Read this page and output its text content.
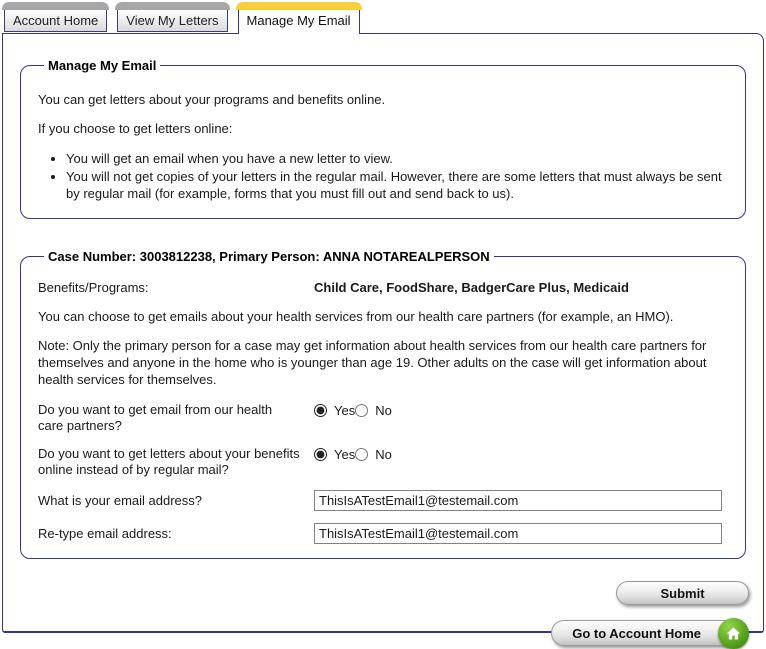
Account Home	View My Letters	Manage My Email
Manage My Email

You can get letters about your programs and benefits online.

If you choose to get letters online:

• You will get an email when you have a new letter to view.
• You will not get copies of your letters in the regular mail. However, there are some letters that must always be sent by regular mail (for example, forms that you must fill out and send back to us).
Case Number: 3003812238, Primary Person: ANNA NOTAREALPERSON
Benefits/Programs:	Child Care, FoodShare, BadgerCare Plus, Medicaid

You can choose to get emails about your health services from our health care partners (for example, an HMO).

Note: Only the primary person for a case may get information about health services from our health care partners for themselves and anyone in the home who is younger than age 19. Other adults on the case will get information about health services for themselves.

Do you want to get email from our health care partners?
Yes No
Do you want to get letters about your benefits online instead of by regular mail?
Yes No
What is your email address?
ThisIsATestEmail1@testemail.com
Re-type email address:
ThisIsATestEmail1@testemail.com
Submit
Go to Account Home
